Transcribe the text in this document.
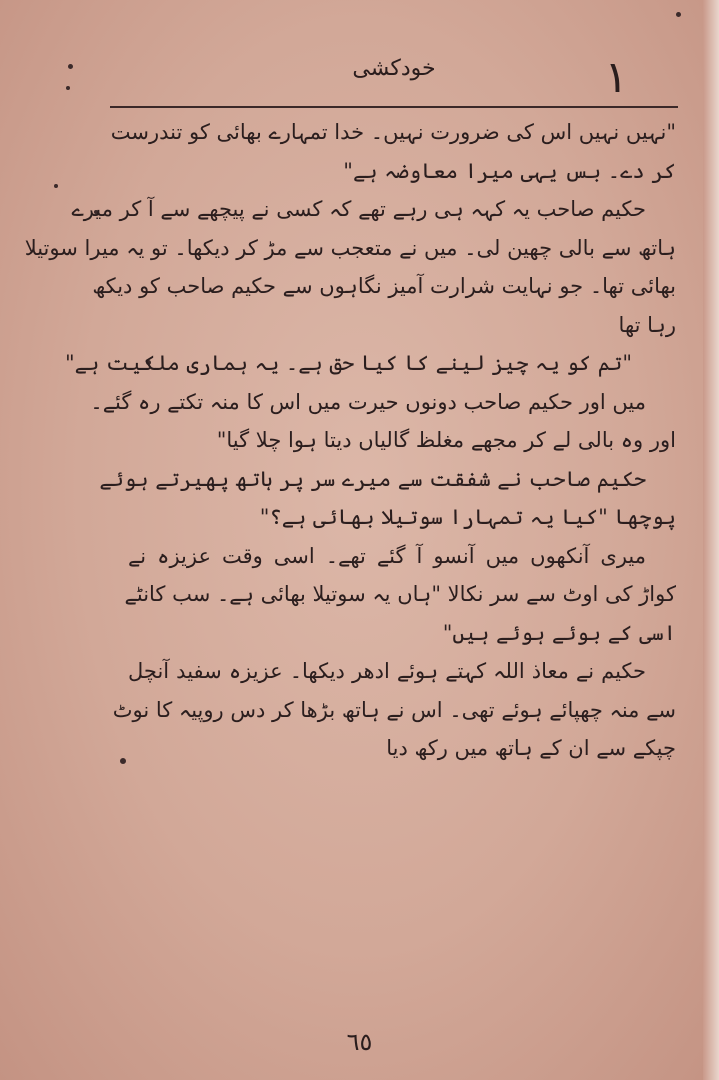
خودکشی	١
"نہیں نہیں اس کی ضرورت نہیں۔ خدا تمہارے بھائی کو تندرست
کر دے۔ بس یہی میرا معاوضہ ہے"
حکیم صاحب یہ کہہ ہی رہے تھے کہ کسی نے پیچھے سے آ کر میرے
ہاتھ سے بالی چھین لی۔ میں نے متعجب سے مڑ کر دیکھا۔ تو یہ میرا سوتیلا
بھائی تھا۔ جو نہایت شرارت آمیز نگاہوں سے حکیم صاحب کو دیکھ
رہا تھا
"تم کو یہ چیز لینے کا کیا حق ہے۔ یہ ہماری ملکیت ہے"
میں اور حکیم صاحب دونوں حیرت میں اس کا منہ تکتے رہ گئے۔
اور وہ بالی لے کر مجھے مغلظ گالیاں دیتا ہوا چلا گیا"
حکیم صاحب نے شفقت سے میرے سر پر ہاتھ پھیرتے ہوئے
پوچھا "کیا یہ تمہارا سوتیلا بھائی ہے؟"
میری آنکھوں میں آنسو آ گئے تھے۔ اسی وقت عزیزہ نے
کواڑ کی اوٹ سے سر نکالا "ہاں یہ سوتیلا بھائی ہے۔ سب کانٹے
اسی کے بوئے ہوئے ہیں"
حکیم نے معاذ اللہ کہتے ہوئے ادھر دیکھا۔ عزیزہ سفید آنچل
سے منہ چھپائے ہوئے تھی۔ اس نے ہاتھ بڑھا کر دس روپیہ کا نوٹ
چپکے سے ان کے ہاتھ میں رکھ دیا
٦٥
